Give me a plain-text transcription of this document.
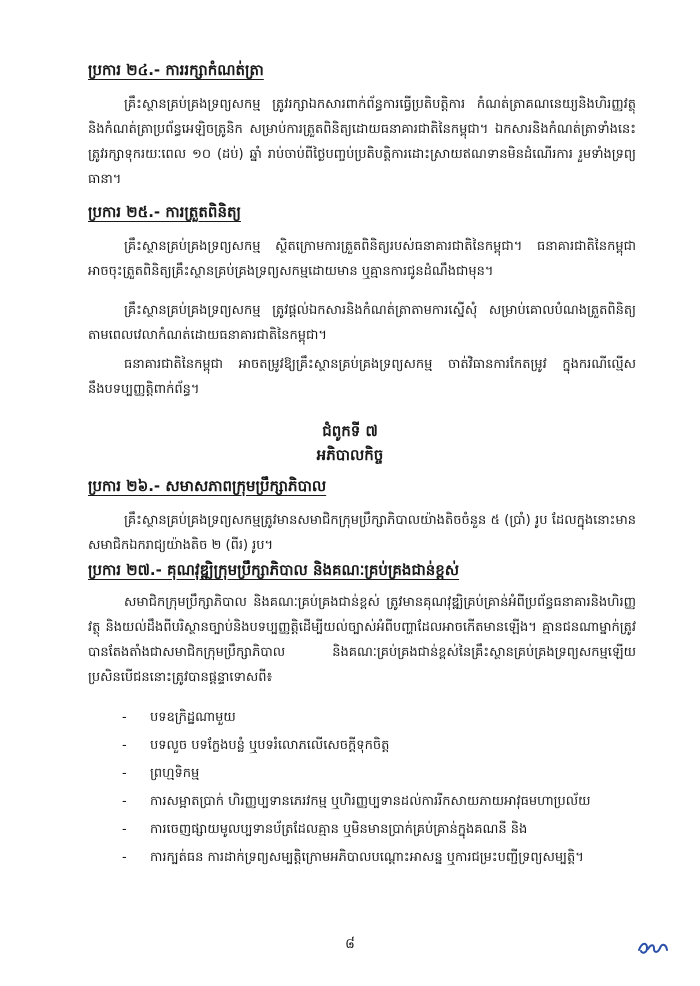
ប្រការ ២៤.- ការរក្សាកំណត់ត្រា

គ្រឹះស្ថានគ្រប់គ្រងទ្រព្យសកម្ម ត្រូវរក្សាឯកសារពាក់ព័ន្ធការធ្វើប្រតិបត្តិការ កំណត់ត្រាគណនេយ្យនិងហិរញ្ញវត្ថុ និងកំណត់ត្រាប្រព័ន្ធអេឡិចត្រូនិក សម្រាប់ការត្រួតពិនិត្យដោយធនាគារជាតិនៃកម្ពុជា។ ឯកសារនិងកំណត់ត្រាទាំងនេះ ត្រូវរក្សាទុករយៈពេល ១០ (ដប់) ឆ្នាំ រាប់ចាប់ពីថ្ងៃបញ្ចប់ប្រតិបត្តិការដោះស្រាយឥណទានមិនដំណើរការ រួមទាំងទ្រព្យធានា។

ប្រការ ២៥.- ការត្រួតពិនិត្យ

គ្រឹះស្ថានគ្រប់គ្រងទ្រព្យសកម្ម ស្ថិតក្រោមការត្រួតពិនិត្យរបស់ធនាគារជាតិនៃកម្ពុជា។ ធនាគារជាតិនៃកម្ពុជា អាចចុះត្រួតពិនិត្យគ្រឹះស្ថានគ្រប់គ្រងទ្រព្យសកម្មដោយមាន ឬគ្មានការជូនដំណឹងជាមុន។

គ្រឹះស្ថានគ្រប់គ្រងទ្រព្យសកម្ម ត្រូវផ្តល់ឯកសារនិងកំណត់ត្រាតាមការស្នើសុំ សម្រាប់គោលបំណងត្រួតពិនិត្យ តាមពេលវេលាកំណត់ដោយធនាគារជាតិនៃកម្ពុជា។

ធនាគារជាតិនៃកម្ពុជា អាចតម្រូវឱ្យគ្រឹះស្ថានគ្រប់គ្រងទ្រព្យសកម្ម ចាត់វិធានការកែតម្រូវ ក្នុងករណីល្មើសនឹងបទប្បញ្ញត្តិពាក់ព័ន្ធ។

ជំពូកទី ៧
អភិបាលកិច្ច
ប្រការ ២៦.- សមាសភាពក្រុមប្រឹក្សាភិបាល

គ្រឹះស្ថានគ្រប់គ្រងទ្រព្យសកម្មត្រូវមានសមាជិកក្រុមប្រឹក្សាភិបាលយ៉ាងតិចចំនួន ៥ (ប្រាំ) រូប ដែលក្នុងនោះមានសមាជិកឯករាជ្យយ៉ាងតិច ២ (ពីរ) រូប។

ប្រការ ២៧.- គុណវុឌ្ឍិក្រុមប្រឹក្សាភិបាល និងគណៈគ្រប់គ្រងជាន់ខ្ពស់

សមាជិកក្រុមប្រឹក្សាភិបាល និងគណៈគ្រប់គ្រងជាន់ខ្ពស់ ត្រូវមានគុណវុឌ្ឍិគ្រប់គ្រាន់អំពីប្រព័ន្ធធនាគារនិងហិរញ្ញវត្ថុ និងយល់ដឹងពីបរិស្ថានច្បាប់និងបទប្បញ្ញត្តិដើម្បីយល់ច្បាស់អំពីបញ្ហាដែលអាចកើតមានឡើង។ គ្មានជនណាម្នាក់ត្រូវបានតែងតាំងជាសមាជិកក្រុមប្រឹក្សាភិបាល និងគណៈគ្រប់គ្រងជាន់ខ្ពស់នៃគ្រឹះស្ថានគ្រប់គ្រងទ្រព្យសកម្មឡើយ ប្រសិនបើជននោះត្រូវបានផ្តន្ទាទោសពី៖

- បទឧក្រិដ្ឋណាមួយ
- បទលួច បទក្លែងបន្លំ ឬបទរំលោភលើសេចក្តីទុកចិត្ត
- ព្រហ្មទិកម្ម
- ការសម្អាតប្រាក់ ហិរញ្ញប្បទានភេរវកម្ម ឬហិរញ្ញប្បទានដល់ការរីកសាយភាយអាវុធមហាប្រល័យ
- ការចេញផ្សាយមូលប្បទានប័ត្រដែលគ្មាន ឬមិនមានប្រាក់គ្រប់គ្រាន់ក្នុងគណនី និង
- ការក្បត់ធន ការដាក់ទ្រព្យសម្បត្តិក្រោមអភិបាលបណ្តោះអាសន្ន ឬការជម្រះបញ្ជីទ្រព្យសម្បត្តិ។
៨
